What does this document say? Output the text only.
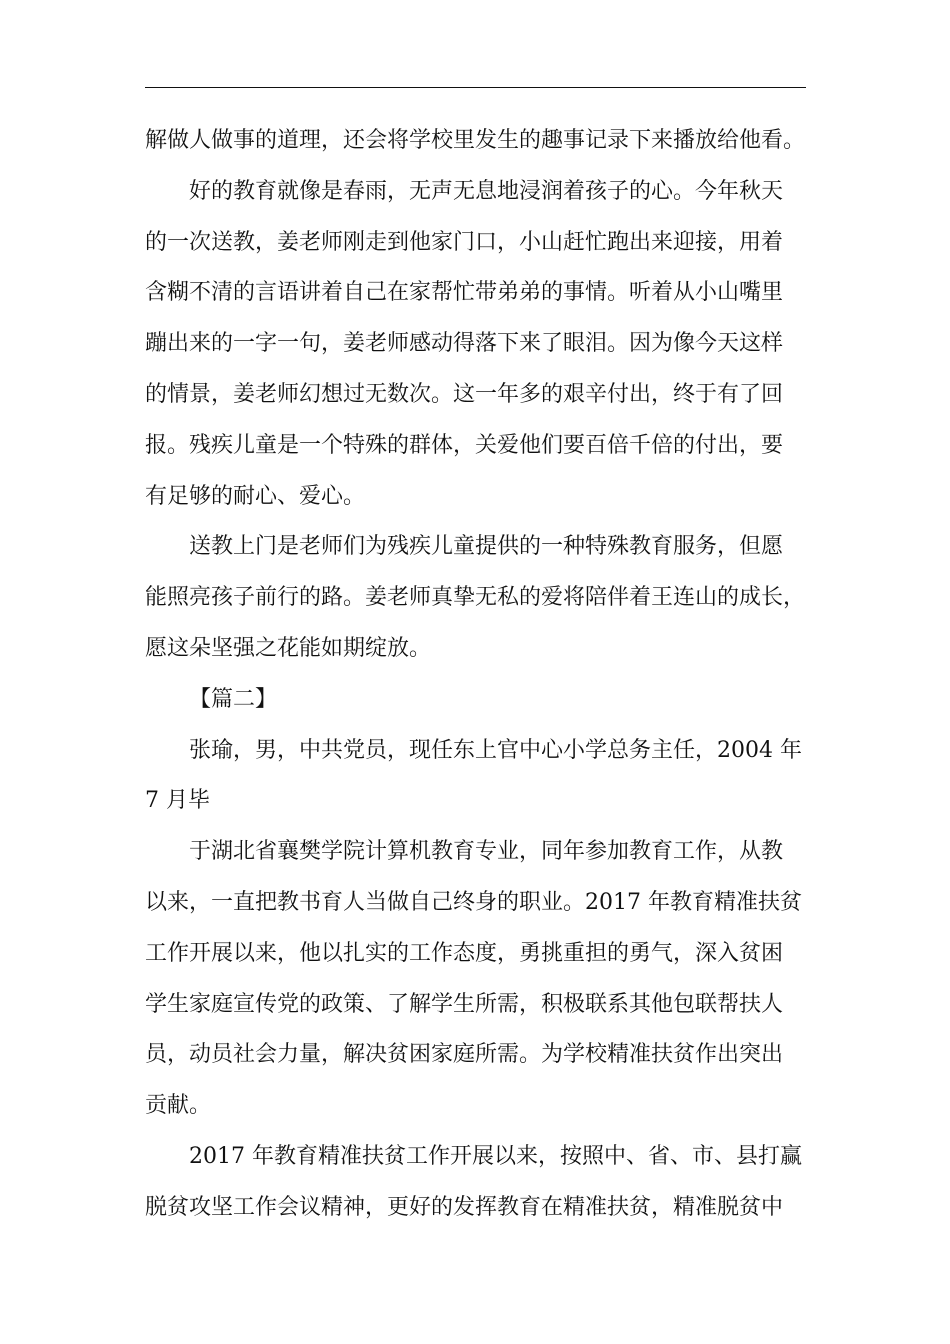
解做人做事的道理，还会将学校里发生的趣事记录下来播放给他看。
好的教育就像是春雨，无声无息地浸润着孩子的心。今年秋天
的一次送教，姜老师刚走到他家门口，小山赶忙跑出来迎接，用着
含糊不清的言语讲着自己在家帮忙带弟弟的事情。听着从小山嘴里
蹦出来的一字一句，姜老师感动得落下来了眼泪。因为像今天这样
的情景，姜老师幻想过无数次。这一年多的艰辛付出，终于有了回
报。残疾儿童是一个特殊的群体，关爱他们要百倍千倍的付出，要
有足够的耐心、爱心。
送教上门是老师们为残疾儿童提供的一种特殊教育服务，但愿
能照亮孩子前行的路。姜老师真挚无私的爱将陪伴着王连山的成长，
愿这朵坚强之花能如期绽放。
【篇二】
张瑜，男，中共党员，现任东上官中心小学总务主任，2004 年
7 月毕
于湖北省襄樊学院计算机教育专业，同年参加教育工作，从教
以来，一直把教书育人当做自己终身的职业。2017 年教育精准扶贫
工作开展以来，他以扎实的工作态度，勇挑重担的勇气，深入贫困
学生家庭宣传党的政策、了解学生所需，积极联系其他包联帮扶人
员，动员社会力量，解决贫困家庭所需。为学校精准扶贫作出突出
贡献。
2017 年教育精准扶贫工作开展以来，按照中、省、市、县打赢
脱贫攻坚工作会议精神，更好的发挥教育在精准扶贫，精准脱贫中
